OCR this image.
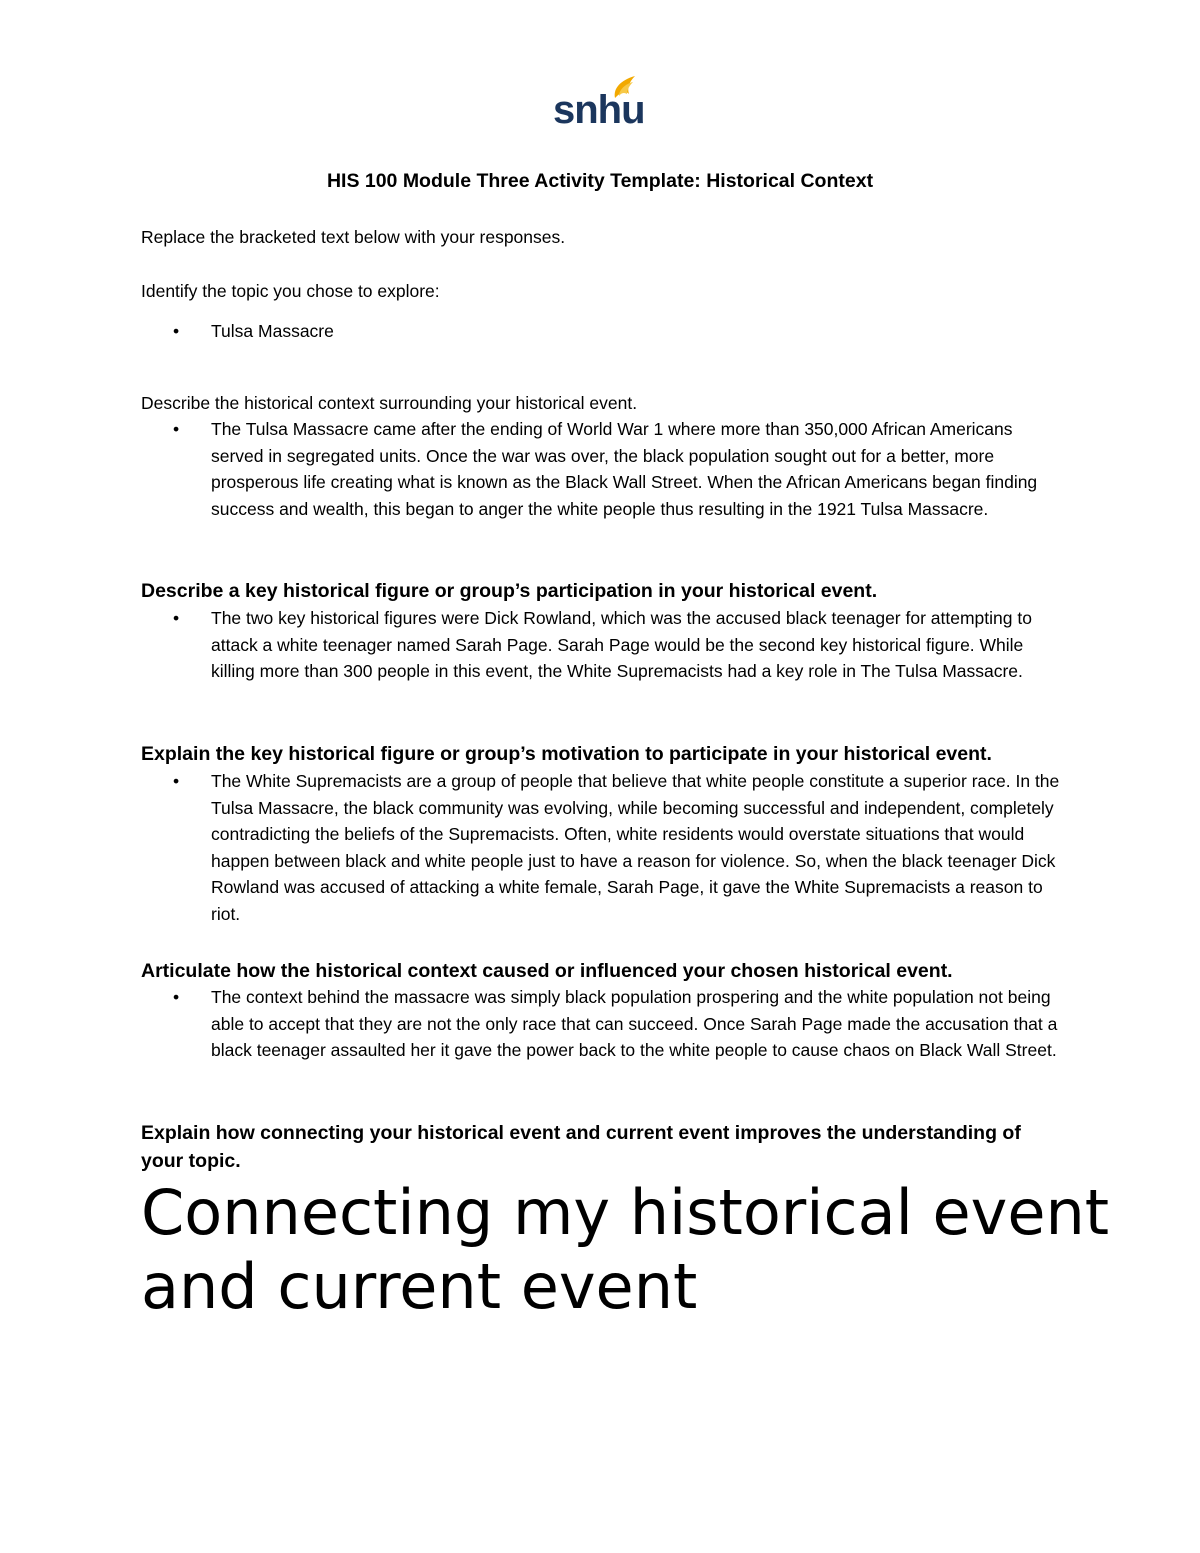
snhu
HIS 100 Module Three Activity Template: Historical Context
Replace the bracketed text below with your responses.
Identify the topic you chose to explore:
• Tulsa Massacre
Describe the historical context surrounding your historical event.
• The Tulsa Massacre came after the ending of World War 1 where more than 350,000 African Americans served in segregated units. Once the war was over, the black population sought out for a better, more prosperous life creating what is known as the Black Wall Street. When the African Americans began finding success and wealth, this began to anger the white people thus resulting in the 1921 Tulsa Massacre.
Describe a key historical figure or group’s participation in your historical event.
• The two key historical figures were Dick Rowland, which was the accused black teenager for attempting to attack a white teenager named Sarah Page. Sarah Page would be the second key historical figure. While killing more than 300 people in this event, the White Supremacists had a key role in The Tulsa Massacre.
Explain the key historical figure or group’s motivation to participate in your historical event.
• The White Supremacists are a group of people that believe that white people constitute a superior race. In the Tulsa Massacre, the black community was evolving, while becoming successful and independent, completely contradicting the beliefs of the Supremacists. Often, white residents would overstate situations that would happen between black and white people just to have a reason for violence. So, when the black teenager Dick Rowland was accused of attacking a white female, Sarah Page, it gave the White Supremacists a reason to riot.
Articulate how the historical context caused or influenced your chosen historical event.
• The context behind the massacre was simply black population prospering and the white population not being able to accept that they are not the only race that can succeed. Once Sarah Page made the accusation that a black teenager assaulted her it gave the power back to the white people to cause chaos on Black Wall Street.
Explain how connecting your historical event and current event improves the understanding of your topic.
Connecting my historical event and current event
